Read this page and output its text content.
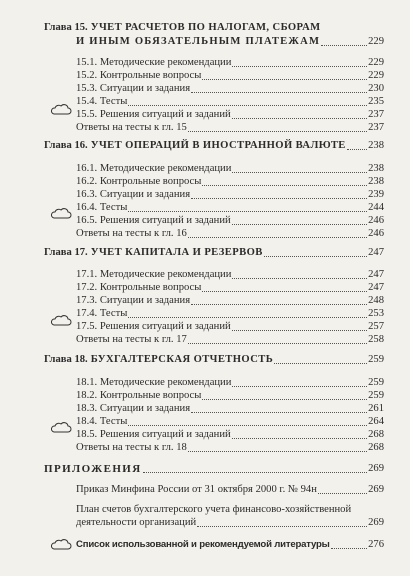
Глава 15. УЧЕТ РАСЧЕТОВ ПО НАЛОГАМ, СБОРАМ
И ИНЫМ ОБЯЗАТЕЛЬНЫМ ПЛАТЕЖАМ	229
15.1. Методические рекомендации	229
15.2. Контрольные вопросы	229
15.3. Ситуации и задания	230
15.4. Тесты	235
15.5. Решения ситуаций и заданий	237
Ответы на тесты к гл. 15	237
Глава 16. УЧЕТ ОПЕРАЦИЙ В ИНОСТРАННОЙ ВАЛЮТЕ 238
16.1. Методические рекомендации	238
16.2. Контрольные вопросы	238
16.3. Ситуации и задания	239
16.4. Тесты	244
16.5. Решения ситуаций и заданий	246
Ответы на тесты к гл. 16	246
Глава 17. УЧЕТ КАПИТАЛА И РЕЗЕРВОВ	247
17.1. Методические рекомендации	247
17.2. Контрольные вопросы	247
17.3. Ситуации и задания	248
17.4. Тесты	253
17.5. Решения ситуаций и заданий	257
Ответы на тесты к гл. 17	258
Глава 18. БУХГАЛТЕРСКАЯ ОТЧЕТНОСТЬ	259
18.1. Методические рекомендации	259
18.2. Контрольные вопросы	259
18.3. Ситуации и задания	261
18.4. Тесты	264
18.5. Решения ситуаций и заданий	268
Ответы на тесты к гл. 18	268
ПРИЛОЖЕНИЯ	269
Приказ Минфина России от 31 октября 2000 г. № 94н	269
План счетов бухгалтерского учета финансово-хозяйственной
деятельности организаций	269
Список использованной и рекомендуемой литературы	276
